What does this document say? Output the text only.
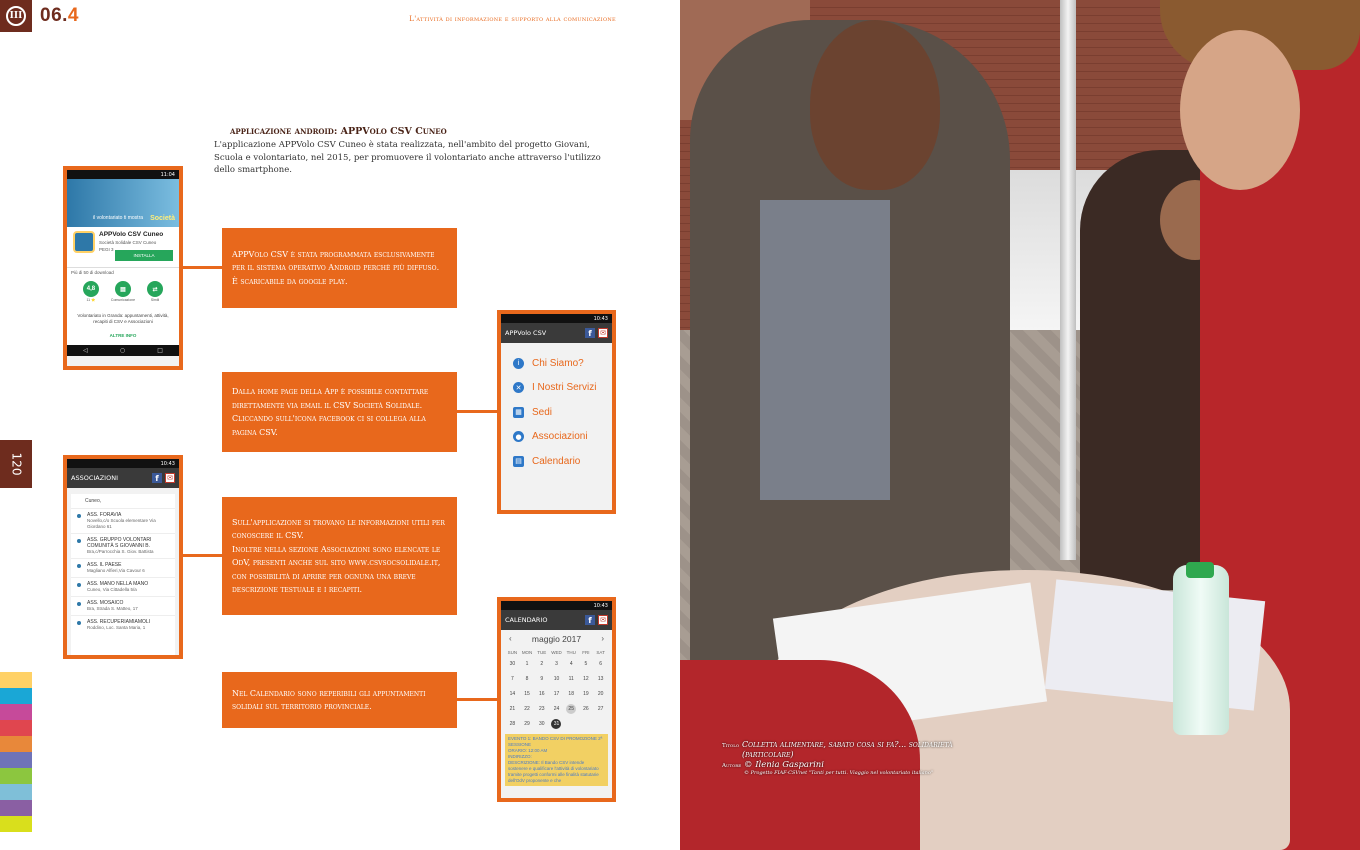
III 06.4	L'attività di informazione e supporto alla comunicazione
120
applicazione android: APPVolo CSV Cuneo
L'applicazione APPVolo CSV Cuneo è stata realizzata, nell'ambito del progetto Giovani, Scuola e volontariato, nel 2015, per promuovere il volontariato anche attraverso l'utilizzo dello smartphone.
11:04
il volontariato ti mostra Società
APPVolo CSV Cuneo
Società Solidale CSV Cuneo
PEGI 3
INSTALLA
Più di 50 di download
4,8
11 ⭐
▤
Comunicazione
⇄
Simili
Volontariato in Granda: appuntamenti, attività, recapiti di CSV e Associazioni
ALTRE INFO
◁	○	□

APPVolo CSV è stata programmata esclusivamente per il sistema operativo Android perchè più diffuso. È scaricabile da google play.

10:43
APPVolo CSV	f	✉
i	Chi Siamo?
✕ I Nostri Servizi
▦ Sedi
● Associazioni
▤ Calendario

Dalla home page della App è possibile contattare direttamente via email il CSV Società Solidale. Cliccando sull'icona facebook ci si collega alla pagina CSV.

10:43
ASSOCIAZIONI	f	✉
Cuneo,
ASS. FORAVIA
Novello,c/o Scuola elementare Via Giordano 61
ASS. GRUPPO VOLONTARI COMUNITÀ S GIOVANNI B.
Bra,c/Parrocchia S. Giov. Battista
ASS. IL PAESE
Magliano Alfieri,Via Cavour 6
ASS. MANO NELLA MANO
Cuneo, Via Cittadella 5/a
ASS. MOSAICO
Bra, Strada S. Matteo, 17
ASS. RECUPERIAMIAMOLI
Roddino, Loc. Santa Maria, 1

Sull'applicazione si trovano le informazioni utili per conoscere il CSV.
Inoltre nella sezione Associazioni sono elencate le OdV, presenti anche sul sito www.csvsocsolidale.it, con possibilità di aprire per ognuna una breve descrizione testuale e i recapiti.

10:43
CALENDARIO	f	✉
‹ maggio 2017	›
SUN	MON	TUE	WED	THU	FRI	SAT
30	1	2	3	4	5	6
7	8	9	10	11	12	13
14	15	16	17	18	19	20
21	22	23	24	25	26	27
28	29	30	31
EVENTO 1: BANDO CSV DI PROMOZIONE 2ª SESSIONE
ORARIO: 12:00 AM
INDIRIZZO:
DESCRIZIONE: Il Bando CSV intende sostenere e qualificare l'attività di volontariato tramite progetti conformi alle finalità statutarie dell'OdV proponente e che

Nel Calendario sono reperibili gli appuntamenti solidali sul territorio provinciale.

Titolo Colletta alimentare, sabato cosa si fa?... solidarietà (particolare)
Autore © Ilenia Gasparini
© Progetto FIAF-CSVnet "Tanti per tutti. Viaggio nel volontariato italiano"
